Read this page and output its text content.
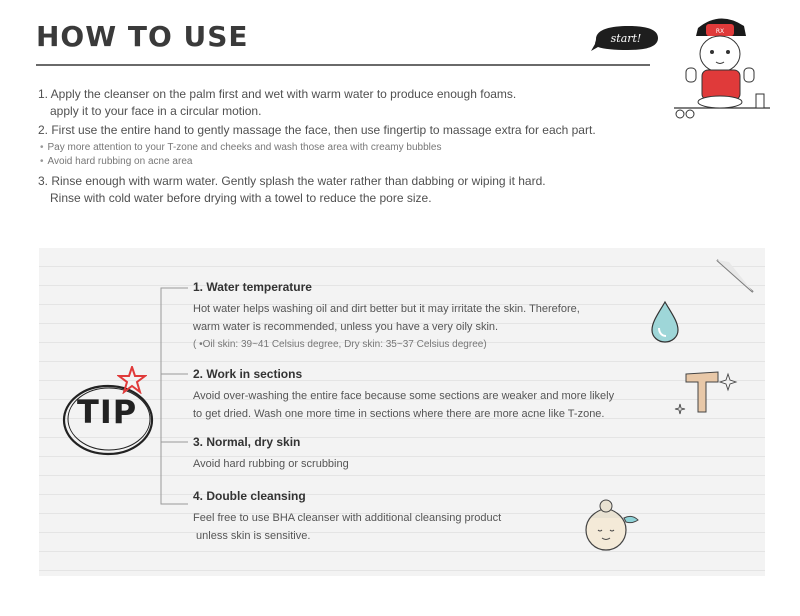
HOW TO USE	start!
RX
1. Apply the cleanser on the palm first and wet with warm water to produce enough foams.
apply it to your face in a circular motion.
2. First use the entire hand to gently massage the face, then use fingertip to massage extra for each part.
• Pay more attention to your T-zone and cheeks and wash those area with creamy bubbles
• Avoid hard rubbing on acne area
3. Rinse enough with warm water. Gently splash the water rather than dabbing or wiping it hard.
Rinse with cold water before drying with a towel to reduce the pore size.
TIP
1. Water temperature

Hot water helps washing oil and dirt better but it may irritate the skin. Therefore,

warm water is recommended, unless you have a very oily skin.

( •Oil skin: 39~41 Celsius degree, Dry skin: 35~37 Celsius degree)

2. Work in sections

Avoid over-washing the entire face because some sections are weaker and more likely

to get dried. Wash one more time in sections where there are more acne like T-zone.

3. Normal, dry skin

Avoid hard rubbing or scrubbing

4. Double cleansing

Feel free to use BHA cleanser with additional cleansing product

unless skin is sensitive.
